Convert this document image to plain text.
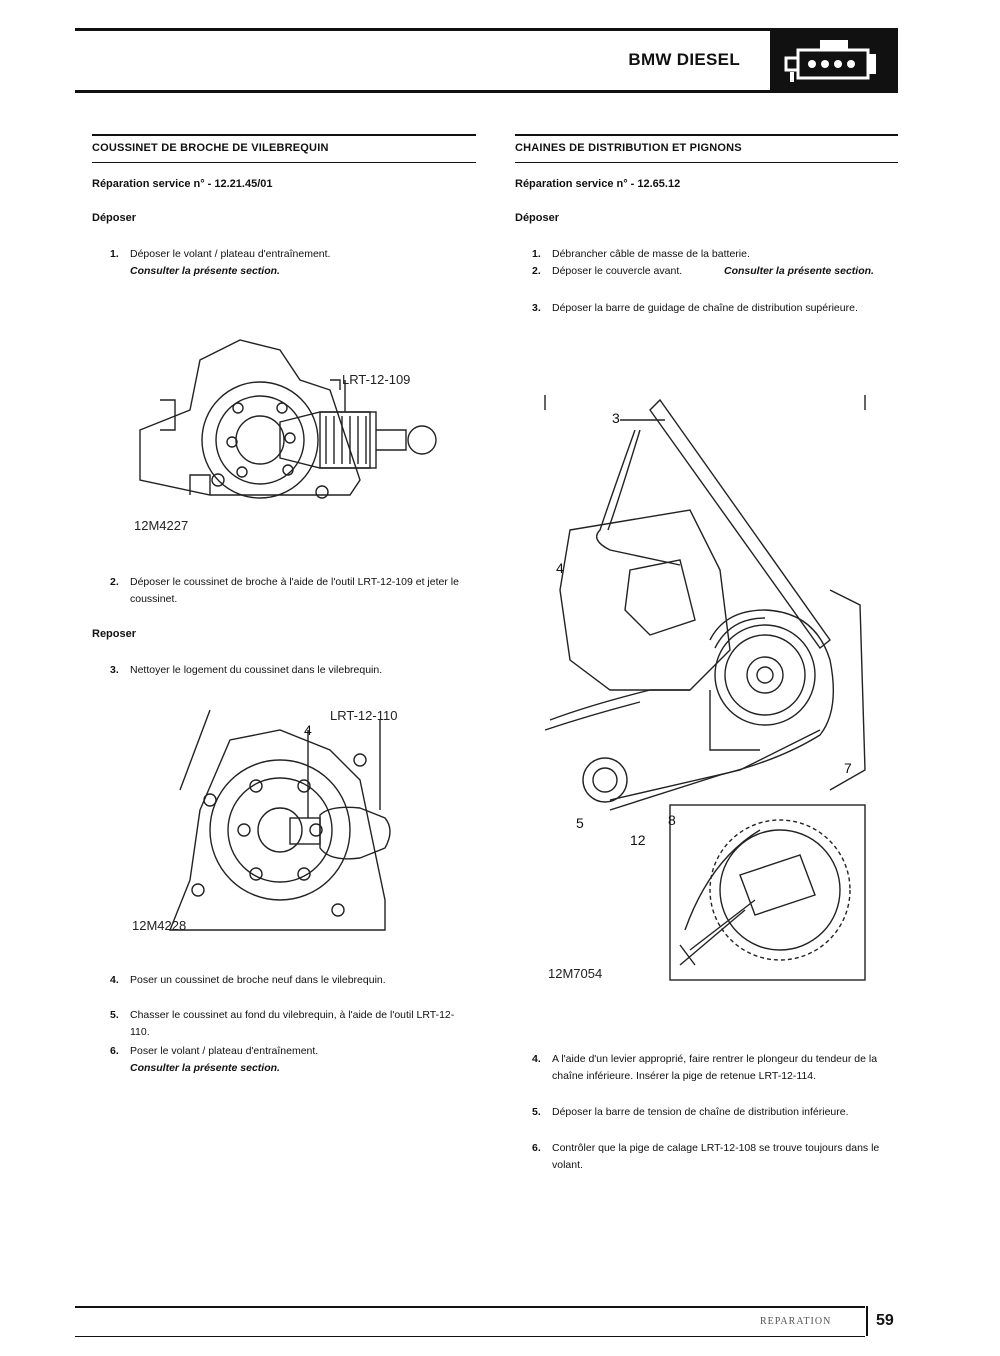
BMW DIESEL
COUSSINET DE BROCHE DE VILEBREQUIN
Réparation service n° - 12.21.45/01
Déposer
1. Déposer le volant / plateau d'entraînement.
Consulter la présente section.
LRT-12-109
12M4227
2. Déposer le coussinet de broche à l'aide de l'outil LRT-12-109 et jeter le coussinet.
Reposer
3. Nettoyer le logement du coussinet dans le vilebrequin.
LRT-12-110
4
12M4228
4. Poser un coussinet de broche neuf dans le vilebrequin.
5. Chasser le coussinet au fond du vilebrequin, à l'aide de l'outil LRT-12-110.
6. Poser le volant / plateau d'entraînement.
Consulter la présente section.
CHAINES DE DISTRIBUTION ET PIGNONS
Réparation service n° - 12.65.12
Déposer
1. Débrancher câble de masse de la batterie.
2. Déposer le couvercle avant.	Consulter la présente section.
3. Déposer la barre de guidage de chaîne de distribution supérieure.
3
4
5
12
7
8
12M7054
4. A l'aide d'un levier approprié, faire rentrer le plongeur du tendeur de la chaîne inférieure. Insérer la pige de retenue LRT-12-114.
5. Déposer la barre de tension de chaîne de distribution inférieure.
6. Contrôler que la pige de calage LRT-12-108 se trouve toujours dans le volant.
REPARATION	59
